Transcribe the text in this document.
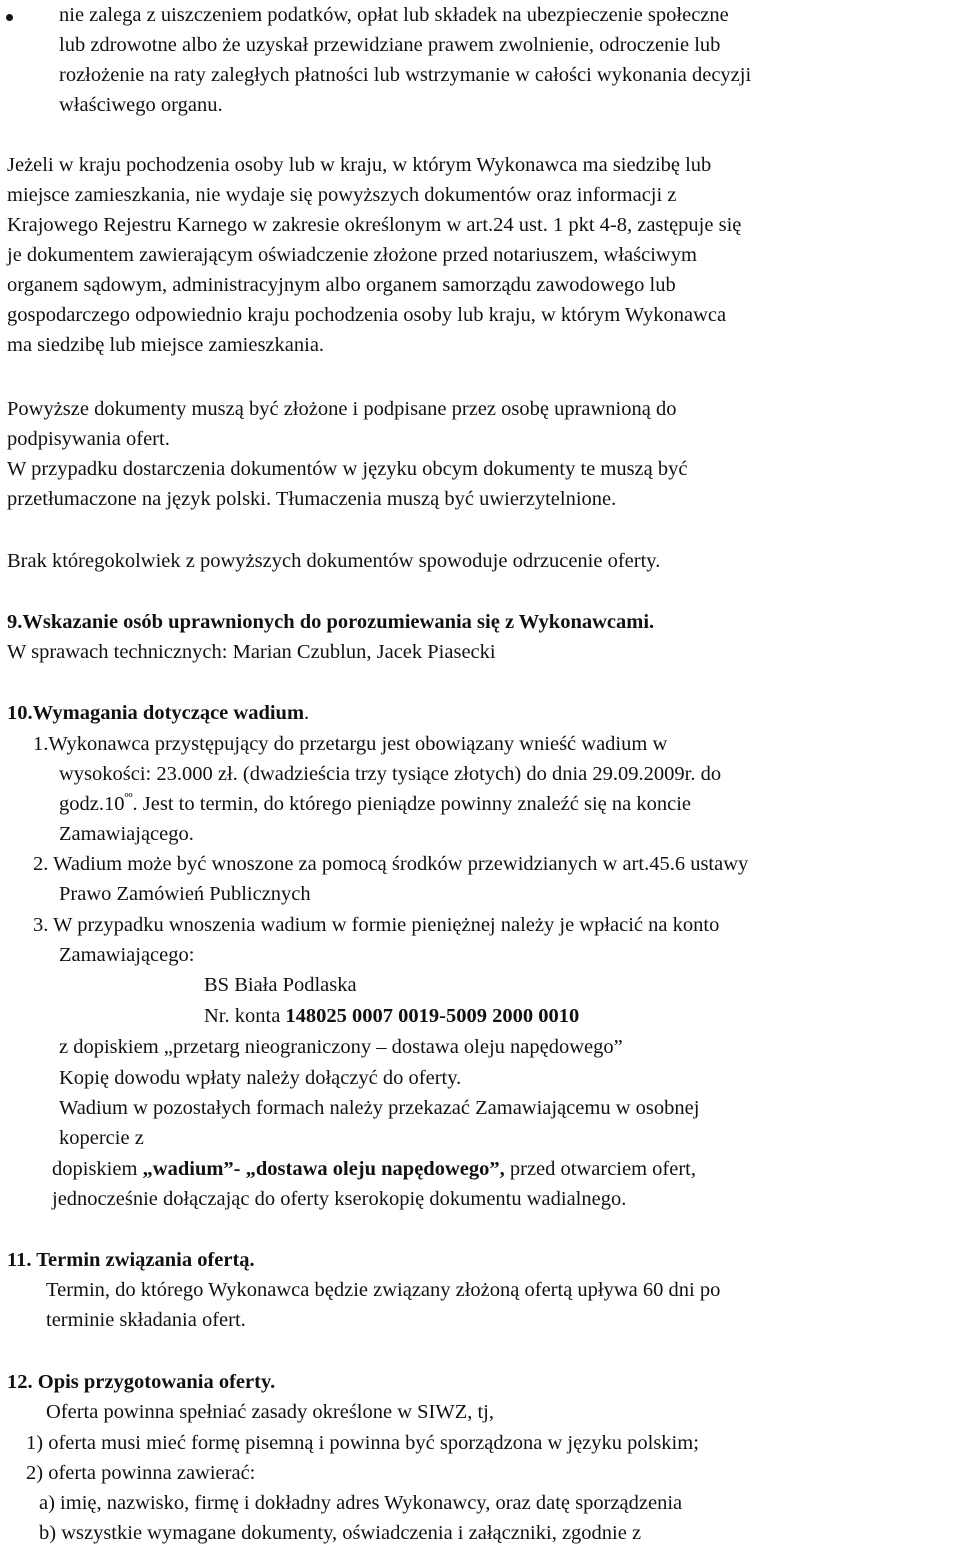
nie zalega z uiszczeniem podatków, opłat lub składek na ubezpieczenie społeczne
lub zdrowotne albo że uzyskał przewidziane prawem zwolnienie, odroczenie lub
rozłożenie na raty zaległych płatności lub wstrzymanie w całości wykonania decyzji
właściwego organu.
Jeżeli w kraju pochodzenia osoby lub w kraju, w którym Wykonawca ma siedzibę lub
miejsce zamieszkania, nie wydaje się powyższych dokumentów oraz informacji z
Krajowego Rejestru Karnego w zakresie określonym w art.24 ust. 1 pkt 4-8, zastępuje się
je dokumentem zawierającym oświadczenie złożone przed notariuszem, właściwym
organem sądowym, administracyjnym albo organem samorządu zawodowego lub
gospodarczego odpowiednio kraju pochodzenia osoby lub kraju, w którym Wykonawca
ma siedzibę lub miejsce zamieszkania.
Powyższe dokumenty muszą być złożone i podpisane przez osobę uprawnioną do
podpisywania ofert.
W przypadku dostarczenia dokumentów w języku obcym dokumenty te muszą być
przetłumaczone na język polski. Tłumaczenia muszą być uwierzytelnione.
Brak któregokolwiek z powyższych dokumentów spowoduje odrzucenie oferty.
9.Wskazanie osób uprawnionych do porozumiewania się z Wykonawcami.
W sprawach technicznych: Marian Czublun, Jacek Piasecki
10.Wymagania dotyczące wadium.
1.Wykonawca przystępujący do przetargu jest obowiązany wnieść wadium w
wysokości: 23.000 zł. (dwadzieścia trzy tysiące złotych) do dnia 29.09.2009r. do
$godz.10^{ºº}$. Jest to termin, do którego pieniądze powinny znaleźć się na koncie
Zamawiającego.
2. Wadium może być wnoszone za pomocą środków przewidzianych w art.45.6 ustawy
Prawo Zamówień Publicznych
3. W przypadku wnoszenia wadium w formie pieniężnej należy je wpłacić na konto
Zamawiającego:
BS Biała Podlaska
Nr. konta 148025 0007 0019-5009 2000 0010
z dopiskiem „przetarg nieograniczony – dostawa oleju napędowego”
Kopię dowodu wpłaty należy dołączyć do oferty.
Wadium w pozostałych formach należy przekazać Zamawiającemu w osobnej
kopercie z
dopiskiem „wadium”- „dostawa oleju napędowego”, przed otwarciem ofert,
jednocześnie dołączając do oferty kserokopię dokumentu wadialnego.
11. Termin związania ofertą.
Termin, do którego Wykonawca będzie związany złożoną ofertą upływa 60 dni po
terminie składania ofert.
12. Opis przygotowania oferty.
Oferta powinna spełniać zasady określone w SIWZ, tj,
1) oferta musi mieć formę pisemną i powinna być sporządzona w języku polskim;
2) oferta powinna zawierać:
a) imię, nazwisko, firmę i dokładny adres Wykonawcy, oraz datę sporządzenia
b) wszystkie wymagane dokumenty, oświadczenia i załączniki, zgodnie z
